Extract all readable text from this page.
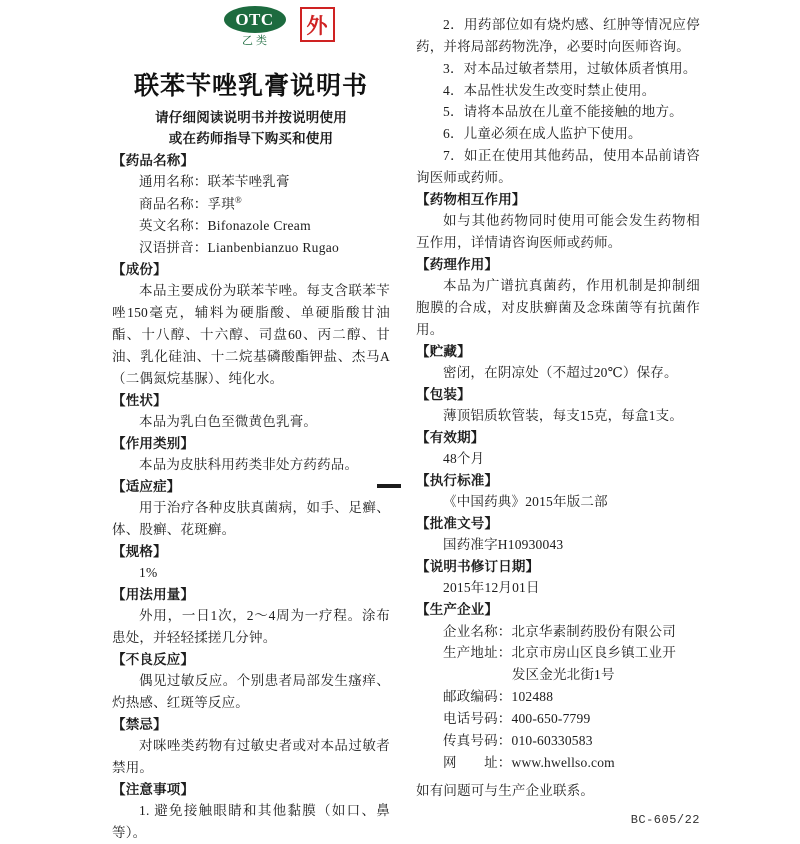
OTC
乙类
外
联苯苄唑乳膏说明书
请仔细阅读说明书并按说明使用
或在药师指导下购买和使用
【药品名称】
通用名称：联苯苄唑乳膏
商品名称：孚琪®
英文名称：Bifonazole Cream
汉语拼音：Lianbenbianzuo Rugao
【成份】

本品主要成份为联苯苄唑。每支含联苯苄唑150毫克，辅料为硬脂酸、单硬脂酸甘油酯、十八醇、十六醇、司盘60、丙二醇、甘油、乳化硅油、十二烷基磷酸酯钾盐、杰马A（二偶氮烷基脲）、纯化水。

【性状】

本品为乳白色至微黄色乳膏。

【作用类别】

本品为皮肤科用药类非处方药药品。

【适应症】

用于治疗各种皮肤真菌病，如手、足癣、体、股癣、花斑癣。

【规格】

1%

【用法用量】

外用，一日1次，2～4周为一疗程。涂布患处，并轻轻揉搓几分钟。

【不良反应】

偶见过敏反应。个别患者局部发生瘙痒、灼热感、红斑等反应。

【禁忌】

对咪唑类药物有过敏史者或对本品过敏者禁用。

【注意事项】

1. 避免接触眼睛和其他黏膜（如口、鼻等）。

2．用药部位如有烧灼感、红肿等情况应停药，并将局部药物洗净，必要时向医师咨询。

3．对本品过敏者禁用，过敏体质者慎用。

4．本品性状发生改变时禁止使用。

5．请将本品放在儿童不能接触的地方。

6．儿童必须在成人监护下使用。

7．如正在使用其他药品，使用本品前请咨询医师或药师。

【药物相互作用】

如与其他药物同时使用可能会发生药物相互作用，详情请咨询医师或药师。

【药理作用】

本品为广谱抗真菌药，作用机制是抑制细胞膜的合成，对皮肤癣菌及念珠菌等有抗菌作用。

【贮藏】

密闭，在阴凉处（不超过20℃）保存。

【包装】

薄顶铝质软管装，每支15克，每盒1支。

【有效期】

48个月

【执行标准】

《中国药典》2015年版二部

【批准文号】

国药准字H10930043

【说明书修订日期】

2015年12月01日

【生产企业】
企业名称： 北京华素制药股份有限公司
生产地址： 北京市房山区良乡镇工业开
发区金光北街1号
邮政编码： 102488
电话号码： 400-650-7799
传真号码： 010-60330583
网　　址： www.hwellso.com

如有问题可与生产企业联系。

BC-605/22
